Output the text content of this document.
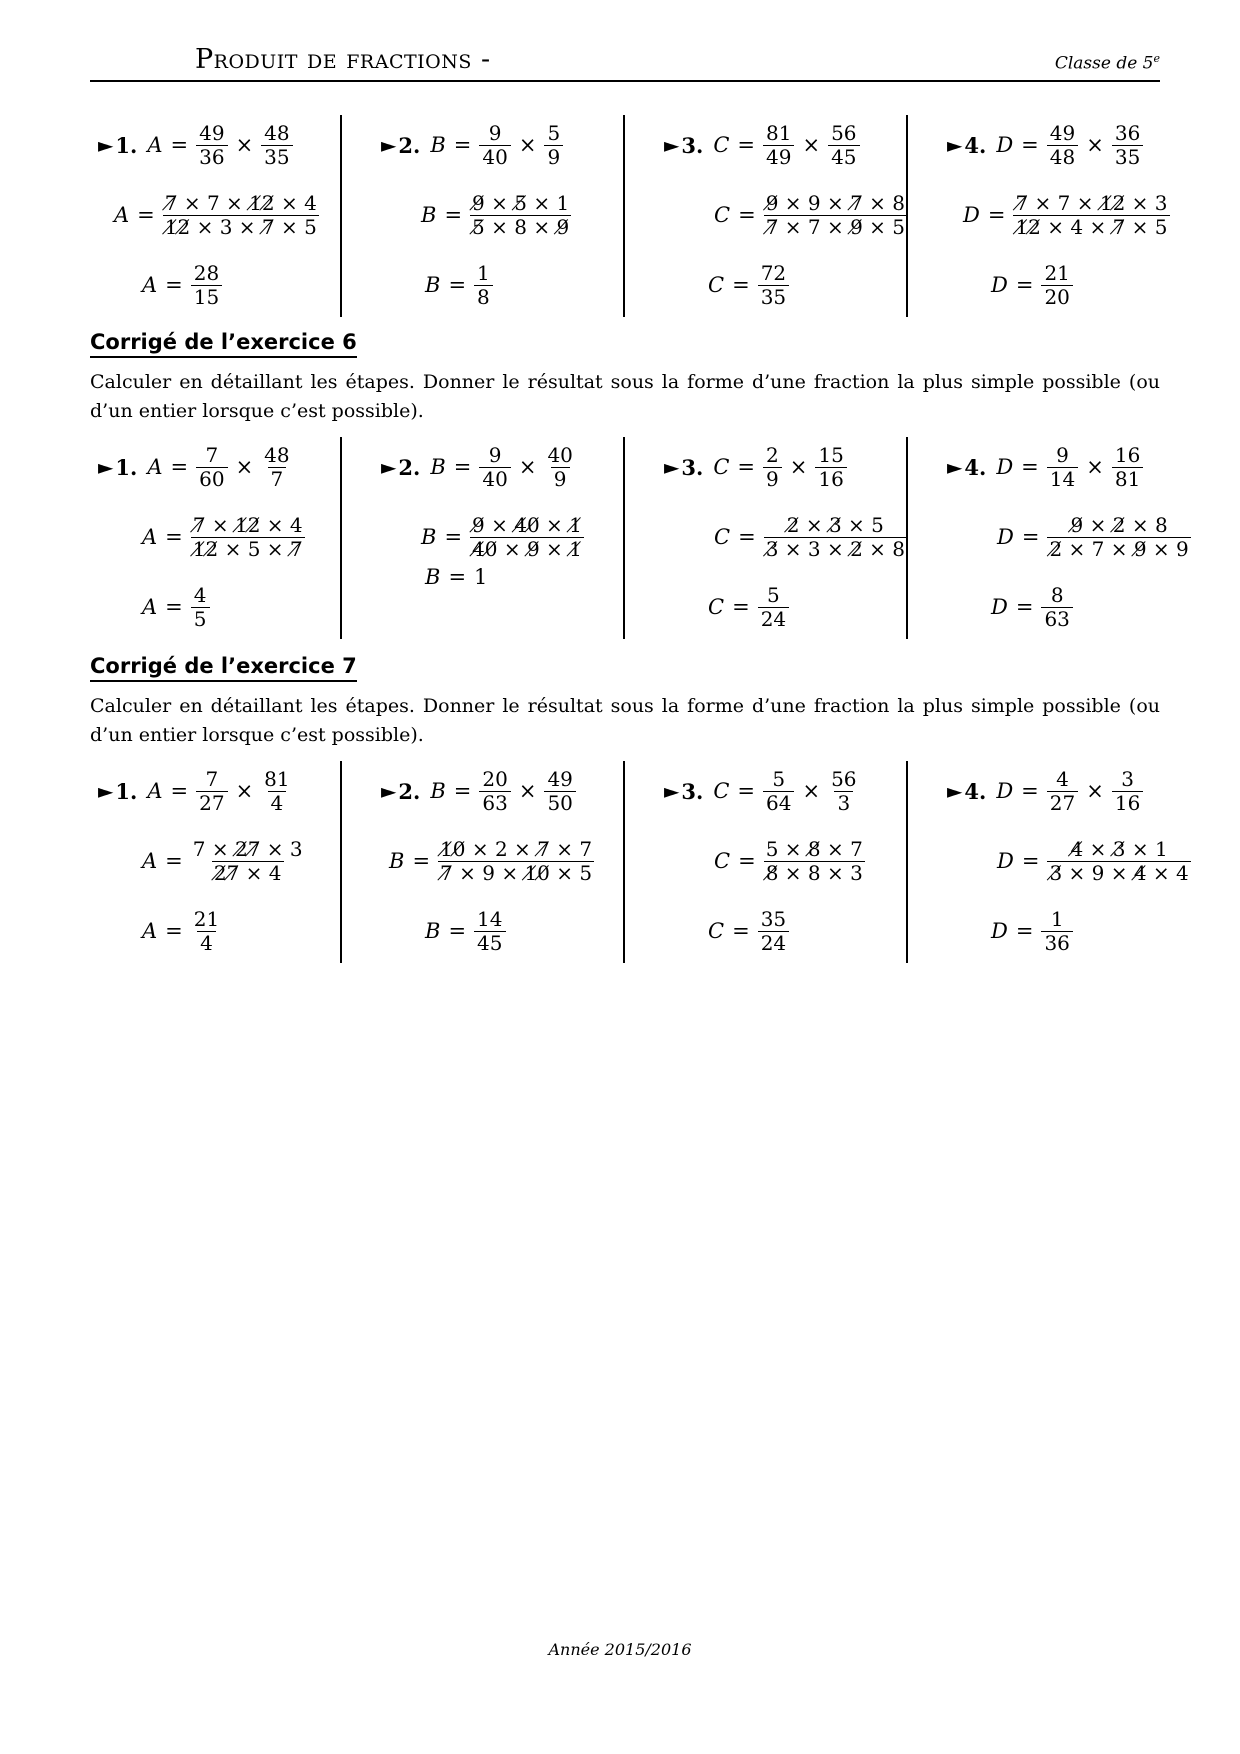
Produit de fractions -	Classe de 5e
► 1. $A = \frac{49}{36} \times \frac{48}{35}$
$A = \frac{7̸ \times 7 \times 1̸2̸ \times 4}{1̸2̸ \times 3 \times 7̸ \times 5}$
$A = \frac{28}{15}$
► 2. $B = \frac{9}{40} \times \frac{5}{9}$
$B = \frac{9̸ \times 5̸ \times 1}{5̸ \times 8 \times 9̸}$
$B = \frac{1}{8}$
► 3. $C = \frac{81}{49} \times \frac{56}{45}$
$C = \frac{9̸ \times 9 \times 7̸ \times 8}{7̸ \times 7 \times 9̸ \times 5}$
$C = \frac{72}{35}$
► 4. $D = \frac{49}{48} \times \frac{36}{35}$
$D = \frac{7̸ \times 7 \times 1̸2̸ \times 3}{1̸2̸ \times 4 \times 7̸ \times 5}$
$D = \frac{21}{20}$
Corrigé de l’exercice 6
Calculer en détaillant les étapes. Donner le résultat sous la forme d’une fraction la plus simple possible (ou d’un entier lorsque c’est possible).
► 1. $A = \frac{7}{60} \times \frac{48}{7}$
$A = \frac{7̸ \times 1̸2̸ \times 4}{1̸2̸ \times 5 \times 7̸}$
$A = \frac{4}{5}$
► 2. $B = \frac{9}{40} \times \frac{40}{9}$
$B = \frac{9̸ \times 4̸0̸ \times 1̸}{4̸0̸ \times 9̸ \times 1̸}$
B = 1
► 3. $C = \frac{2}{9} \times \frac{15}{16}$
$C = \frac{2̸ \times 3̸ \times 5}{3̸ \times 3 \times 2̸ \times 8}$
$C = \frac{5}{24}$
► 4. $D = \frac{9}{14} \times \frac{16}{81}$
$D = \frac{9̸ \times 2̸ \times 8}{2̸ \times 7 \times 9̸ \times 9}$
$D = \frac{8}{63}$
Corrigé de l’exercice 7
Calculer en détaillant les étapes. Donner le résultat sous la forme d’une fraction la plus simple possible (ou d’un entier lorsque c’est possible).
► 1. $A = \frac{7}{27} \times \frac{81}{4}$
$A = \frac{7 \times 2̸7̸ \times 3}{2̸7̸ \times 4}$
$A = \frac{21}{4}$
► 2. $B = \frac{20}{63} \times \frac{49}{50}$
$B = \frac{1̸0̸ \times 2 \times 7̸ \times 7}{7̸ \times 9 \times 1̸0̸ \times 5}$
$B = \frac{14}{45}$
► 3. $C = \frac{5}{64} \times \frac{56}{3}$
$C = \frac{5 \times 8̸ \times 7}{8̸ \times 8 \times 3}$
$C = \frac{35}{24}$
► 4. $D = \frac{4}{27} \times \frac{3}{16}$
$D = \frac{4̸ \times 3̸ \times 1}{3̸ \times 9 \times 4̸ \times 4}$
$D = \frac{1}{36}$
Année 2015/2016
